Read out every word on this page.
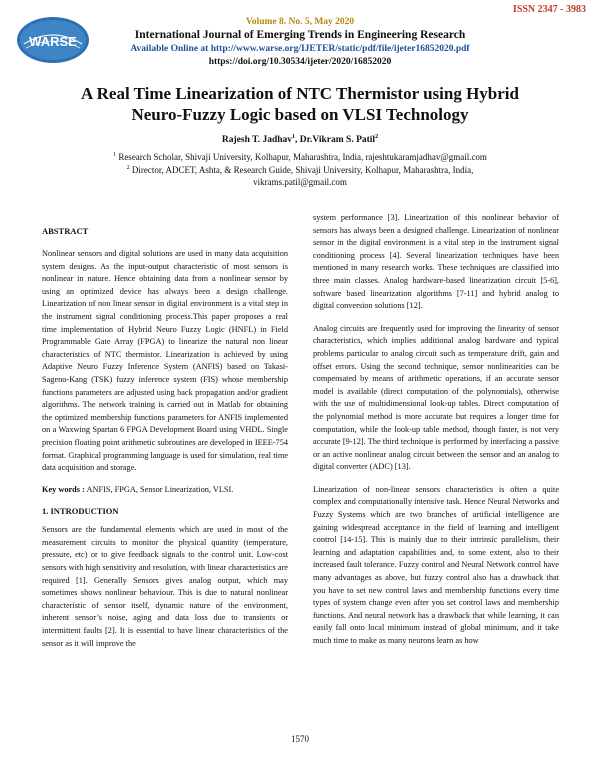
ISSN 2347 - 3983
WARSE
Volume 8. No. 5, May 2020
International Journal of Emerging Trends in Engineering Research
Available Online at http://www.warse.org/IJETER/static/pdf/file/ijeter16852020.pdf
https://doi.org/10.30534/ijeter/2020/16852020
A Real Time Linearization of NTC Thermistor using Hybrid
Neuro-Fuzzy Logic based on VLSI Technology
Rajesh T. Jadhav$^1$, Dr.Vikram S. Patil$^2$
$^1$ Research Scholar, Shivaji University, Kolhapur, Maharashtra, India, rajeshtukaramjadhav@gmail.com
$^2$ Director, ADCET, Ashta, & Research Guide, Shivaji University, Kolhapur, Maharashtra, India,
vikrams.patil@gmail.com
ABSTRACT
Nonlinear sensors and digital solutions are used in many data acquisition system designs. As the input-output characteristic of most sensors is nonlinear in nature. Hence obtaining data from a nonlinear sensor by using an optimized device has always been a design challenge. Linearization of non linear sensor in digital environment is a vital step in the instrument signal conditioning process.This paper proposes a real time implementation of Hybrid Neuro Fuzzy Logic (HNFL) in Field Programmable Gate Array (FPGA) to linearize the natural non linear characteristics of NTC thermistor. Linearization is achieved by using Adaptive Neuro Fuzzy Inference System (ANFIS) based on Takasi-Sageno-Kang (TSK) fuzzy inference system (FIS) whose membership functions parameters are adjusted using back propagation and/or gradient algorithms. The network training is carried out in Matlab for obtaining the optimized membership functions parameters for ANFIS implemented on a Waxwing Spartan 6 FPGA Development Board using VHDL. Single precision floating point arithmetic subroutines are developed in IEEE-754 format. Graphical programming language is used for simulation, real time data acquisition and storage.
Key words : ANFIS, FPGA, Sensor Linearization, VLSI.
1. INTRODUCTION
Sensors are the fundamental elements which are used in most of the measurement circuits to monitor the physical quantity (temperature, pressure, etc) or to give feedback signals to the control unit. Low-cost sensors with high sensitivity and resolution, with linear characteristics are required [1]. Generally Sensors gives analog output, which may sometimes shows nonlinear behaviour. This is due to natural nonlinear characteristic of sensor itself, dynamic nature of the environment, inherent sensor’s noise, aging and data loss due to transients or intermittent faults [2]. It is essential to have linear characteristics of the sensor as it will improve the
system performance [3]. Linearization of this nonlinear behavior of sensors has always been a designed challenge. Linearization of nonlinear sensor in the digital environment is a vital step in the instrument signal conditioning process [4]. Several linearization techniques have been mentioned in many research works. These techniques are classified into three main classes. Analog hardware-based linearization circuit [5-6], software based linearization algorithms [7-11] and hybrid analog to digital conversion solutions [12].
Analog circuits are frequently used for improving the linearity of sensor characteristics, which implies additional analog hardware and typical problems particular to analog circuit such as temperature drift, gain and offset errors. Using the second technique, sensor nonlinearities can be compensated by means of arithmetic operations, if an accurate sensor model is available (direct computation of the polynomials), otherwise with the use of multidimensional look-up tables. Direct computation of the polynomial method is more accurate but requires a longer time for computation, while the look-up table method, though faster, is not very accurate [9-12]. The third technique is performed by interfacing a passive or an active nonlinear analog circuit between the sensor and an analog to digital converter (ADC) [13].
Linearization of non-linear sensors characteristics is often a quite complex and computationally intensive task. Hence Neural Networks and Fuzzy Systems which are two branches of artificial intelligence are gaining widespread acceptance in the field of learning and intelligent control [14-15]. This is mainly due to their intrinsic parallelism, their learning and adaptation capabilities and, to some extent, also to their increased fault tolerance. Fuzzy control and Neural Network control have many advantages as above, but fuzzy control also has a drawback that you have to set new control laws and membership functions every time types of system change even after you set control laws and membership functions. And neural network has a drawback that while learning, it can easily fall onto local minimum instead of global minimum, and it take much time to make as many neurons learn as how
1570
